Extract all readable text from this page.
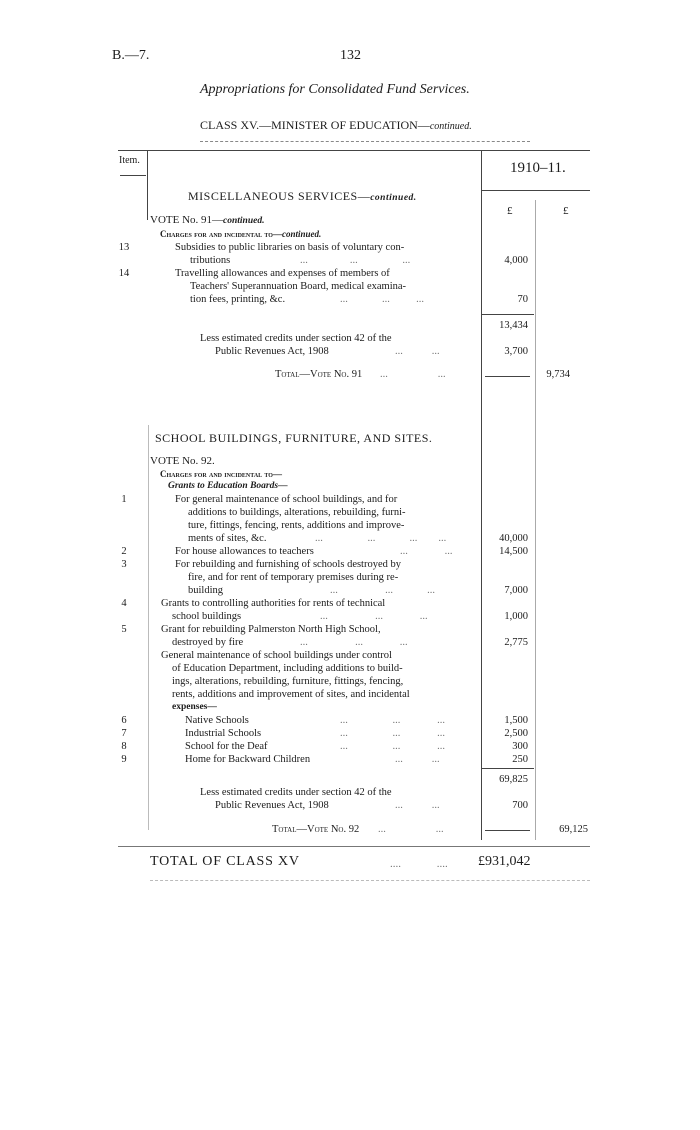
B.—7.	132
Appropriations for Consolidated Fund Services.
CLASS XV.—MINISTER OF EDUCATION—continued.
Item.	1910–11.
£	£
MISCELLANEOUS SERVICES—continued.
VOTE No. 91—continued.
Charges for and incidental to—continued.
13	Subsidies to public libraries on basis of voluntary con-
tributions	...                ...                 ...	4,000
14	Travelling allowances and expenses of members of
Teachers' Superannuation Board, medical examina-
tion fees, printing, &c.	...             ...          ...	70
13,434
Less estimated credits under section 42 of the
Public Revenues Act, 1908	...           ...	3,700
Total—Vote No. 91 ...                   ...	9,734
SCHOOL BUILDINGS, FURNITURE, AND SITES.
VOTE No. 92.
Charges for and incidental to—
Grants to Education Boards—
1	For general maintenance of school buildings, and for
additions to buildings, alterations, rebuilding, furni-
ture, fittings, fencing, rents, additions and improve-
ments of sites, &c.	...                 ...             ...        ...	40,000
2	For house allowances to teachers	...              ...	14,500
3	For rebuilding and furnishing of schools destroyed by
fire, and for rent of temporary premises during re-
building	...                  ...             ...	7,000
4	Grants to controlling authorities for rents of technical
school buildings	...                  ...              ...	1,000
5	Grant for rebuilding Palmerston North High School,
destroyed by fire	...                  ...              ...	2,775
General maintenance of school buildings under control
of Education Department, including additions to build-
ings, alterations, rebuilding, furniture, fittings, fencing,
rents, additions and improvement of sites, and incidental
expenses—
6	Native Schools	...                 ...              ...	1,500
7	Industrial Schools	...                 ...              ...	2,500
8	School for the Deaf	...                 ...              ...	300
9	Home for Backward Children	...           ...	250
69,825
Less estimated credits under section 42 of the
Public Revenues Act, 1908	...           ...	700
Total—Vote No. 92 ...                   ...	69,125
TOTAL OF CLASS XV	....             .... £931,042
